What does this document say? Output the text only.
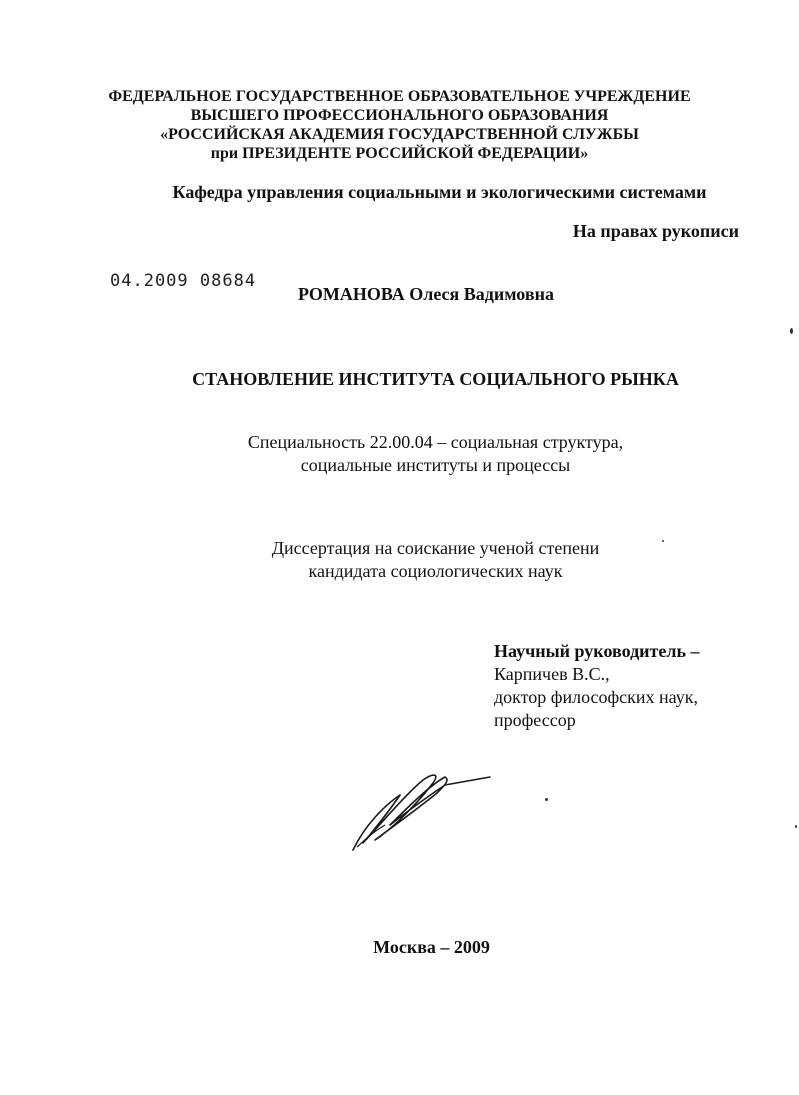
ФЕДЕРАЛЬНОЕ ГОСУДАРСТВЕННОЕ ОБРАЗОВАТЕЛЬНОЕ УЧРЕЖДЕНИЕ
ВЫСШЕГО ПРОФЕССИОНАЛЬНОГО ОБРАЗОВАНИЯ
«РОССИЙСКАЯ АКАДЕМИЯ ГОСУДАРСТВЕННОЙ СЛУЖБЫ
при ПРЕЗИДЕНТЕ РОССИЙСКОЙ ФЕДЕРАЦИИ»
Кафедра управления социальными и экологическими системами
На правах рукописи
04.2009 08684
РОМАНОВА Олеся Вадимовна
СТАНОВЛЕНИЕ ИНСТИТУТА СОЦИАЛЬНОГО РЫНКА
Специальность 22.00.04 – социальная структура,
социальные институты и процессы
Диссертация на соискание ученой степени
кандидата социологических наук
Научный руководитель –
Карпичев В.С.,
доктор философских наук,
профессор
Москва – 2009
